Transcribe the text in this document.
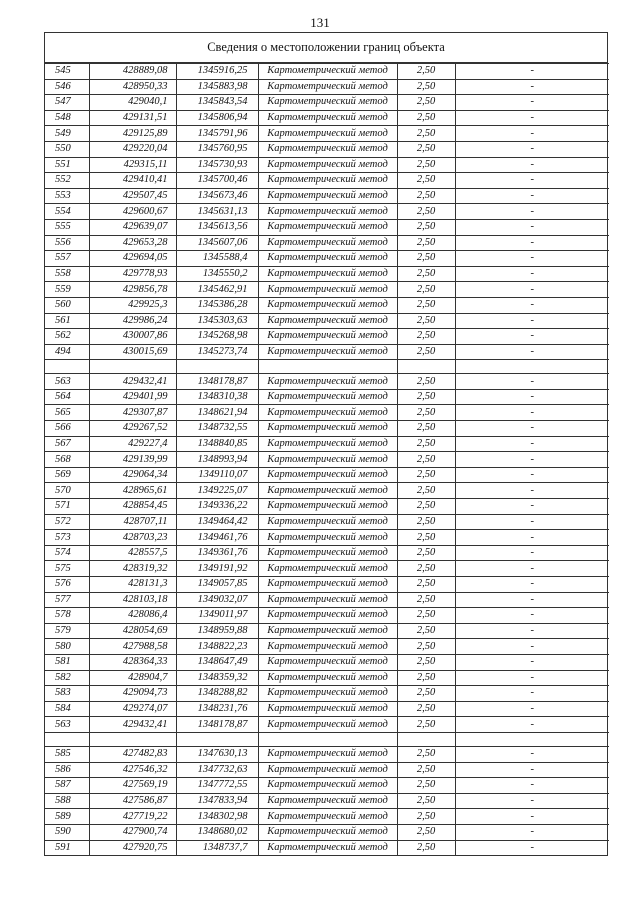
131
Сведения о местоположении границ объекта
545	428889,08	1345916,25	Картометрический метод	2,50	-
546	428950,33	1345883,98	Картометрический метод	2,50	-
547	429040,1	1345843,54	Картометрический метод	2,50	-
548	429131,51	1345806,94	Картометрический метод	2,50	-
549	429125,89	1345791,96	Картометрический метод	2,50	-
550	429220,04	1345760,95	Картометрический метод	2,50	-
551	429315,11	1345730,93	Картометрический метод	2,50	-
552	429410,41	1345700,46	Картометрический метод	2,50	-
553	429507,45	1345673,46	Картометрический метод	2,50	-
554	429600,67	1345631,13	Картометрический метод	2,50	-
555	429639,07	1345613,56	Картометрический метод	2,50	-
556	429653,28	1345607,06	Картометрический метод	2,50	-
557	429694,05	1345588,4	Картометрический метод	2,50	-
558	429778,93	1345550,2	Картометрический метод	2,50	-
559	429856,78	1345462,91	Картометрический метод	2,50	-
560	429925,3	1345386,28	Картометрический метод	2,50	-
561	429986,24	1345303,63	Картометрический метод	2,50	-
562	430007,86	1345268,98	Картометрический метод	2,50	-
494	430015,69	1345273,74	Картометрический метод	2,50	-

563	429432,41	1348178,87	Картометрический метод	2,50	-
564	429401,99	1348310,38	Картометрический метод	2,50	-
565	429307,87	1348621,94	Картометрический метод	2,50	-
566	429267,52	1348732,55	Картометрический метод	2,50	-
567	429227,4	1348840,85	Картометрический метод	2,50	-
568	429139,99	1348993,94	Картометрический метод	2,50	-
569	429064,34	1349110,07	Картометрический метод	2,50	-
570	428965,61	1349225,07	Картометрический метод	2,50	-
571	428854,45	1349336,22	Картометрический метод	2,50	-
572	428707,11	1349464,42	Картометрический метод	2,50	-
573	428703,23	1349461,76	Картометрический метод	2,50	-
574	428557,5	1349361,76	Картометрический метод	2,50	-
575	428319,32	1349191,92	Картометрический метод	2,50	-
576	428131,3	1349057,85	Картометрический метод	2,50	-
577	428103,18	1349032,07	Картометрический метод	2,50	-
578	428086,4	1349011,97	Картометрический метод	2,50	-
579	428054,69	1348959,88	Картометрический метод	2,50	-
580	427988,58	1348822,23	Картометрический метод	2,50	-
581	428364,33	1348647,49	Картометрический метод	2,50	-
582	428904,7	1348359,32	Картометрический метод	2,50	-
583	429094,73	1348288,82	Картометрический метод	2,50	-
584	429274,07	1348231,76	Картометрический метод	2,50	-
563	429432,41	1348178,87	Картометрический метод	2,50	-

585	427482,83	1347630,13	Картометрический метод	2,50	-
586	427546,32	1347732,63	Картометрический метод	2,50	-
587	427569,19	1347772,55	Картометрический метод	2,50	-
588	427586,87	1347833,94	Картометрический метод	2,50	-
589	427719,22	1348302,98	Картометрический метод	2,50	-
590	427900,74	1348680,02	Картометрический метод	2,50	-
591	427920,75	1348737,7	Картометрический метод	2,50	-
